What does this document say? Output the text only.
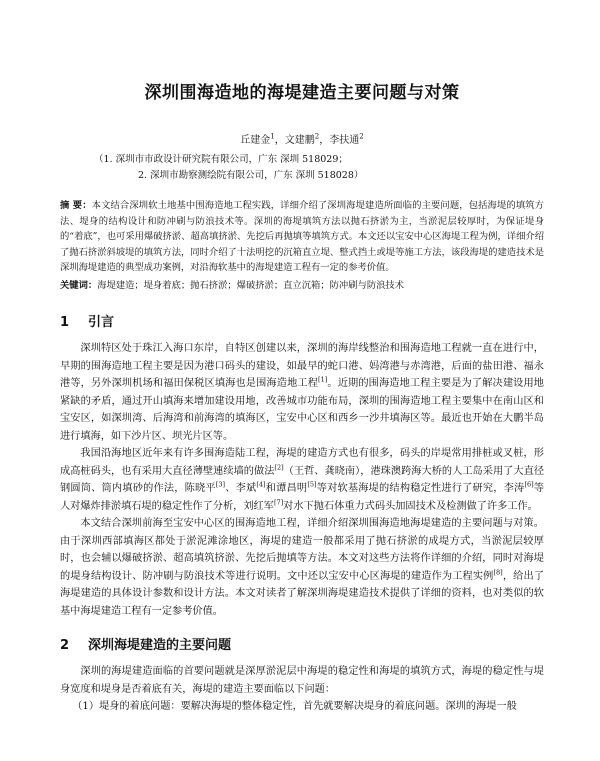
深圳围海造地的海堤建造主要问题与对策
丘建金$^1$，文建鹏$^2$，李扶通$^2$
（1. 深圳市市政设计研究院有限公司，广东 深圳 518029；
2. 深圳市勘察测绘院有限公司，广东 深圳 518028）

摘 要：本文结合深圳软土地基中围海造地工程实践，详细介绍了深圳海堤建造所面临的主要问题，包括海堤的填筑方法、堤身的结构设计和防冲刷与防浪技术等。深圳的海堤填筑方法以抛石挤淤为主，当淤泥层较厚时，为保证堤身的“着底”，也可采用爆破挤淤、超高填挤淤、先挖后再抛填等填筑方式。本文还以宝安中心区海堤工程为例，详细介绍了抛石挤淤斜坡堤的填筑方法，同时介绍了十法明挖的沉箱直立堤、整式挡土或堤等施工方法，该段海堤的建造技术是深圳海堤建造的典型成功案例，对沿海软基中的海堤建造工程有一定的参考价值。

关键词：海堤建造；堤身着底；抛石挤淤；爆破挤淤；直立沉箱；防冲刷与防浪技术

1 引言

深圳特区处于珠江入海口东岸，自特区创建以来，深圳的海岸线整治和围海造地工程就一直在进行中，早期的围海造地工程主要是因为港口码头的建设，如最早的蛇口港、妈湾港与赤湾港，后面的盐田港、福永港等，另外深圳机场和福田保税区填海也是围海造地工程[1]。近期的围海造地工程主要是为了解决建设用地紧缺的矛盾，通过开山填海来增加建设用地，改善城市功能布局，深圳的围海造地工程主要集中在南山区和宝安区，如深圳湾、后海湾和前海湾的填海区，宝安中心区和西乡一沙井填海区等。最近也开始在大鹏半岛进行填海，如下沙片区、坝光片区等。

我国沿海地区近年来有许多围海造陆工程，海堤的建造方式也有很多，码头的岸堤常用排桩或叉桩，形成高桩码头，也有采用大直径薄壁連续墙的做法[2]（王哲、龚晓南），港珠澳跨海大桥的人工岛采用了大直径钢圆筒、筒内填砂的作法，陈晓平[3]、李斌[4]和谭昌明[5]等对软基海堤的结构稳定性进行了研究，李涛[6]等人对爆炸排淤填石堤的稳定性作了分析，刘红军[7]对水下抛石体重力式码头加固技术及检测做了许多工作。

本文结合深圳前海至宝安中心区的围海造地工程，详细介绍深圳围海造地海堤建造的主要问题与对策。由于深圳西部填海区都处于淤泥滩涂地区，海堤的建造一般都采用了抛石挤淤的成堤方式，当淤泥层较厚时，也会辅以爆破挤淤、超高填筑挤淤、先挖后抛填等方法。本文对这些方法将作详细的介绍，同时对海堤的堤身结构设计、防冲刷与防浪技术等进行说明。文中还以宝安中心区海堤的建造作为工程实例[8]，给出了海堤建造的具体设计参数和设计方法。本文对读者了解深圳海堤建造技术提供了详细的资料，也对类似的软基中海堤建造工程有一定参考价值。

2 深圳海堤建造的主要问题

深圳的海堤建造面临的首要问题就是深厚淤泥层中海堤的稳定性和海堤的填筑方式，海堤的稳定性与堤身宽度和堤身是否着底有关，海堤的建造主要面临以下问题：

（1）堤身的着底问题：要解决海堤的整体稳定性，首先就要解决堤身的着底问题。深圳的海堤一般
